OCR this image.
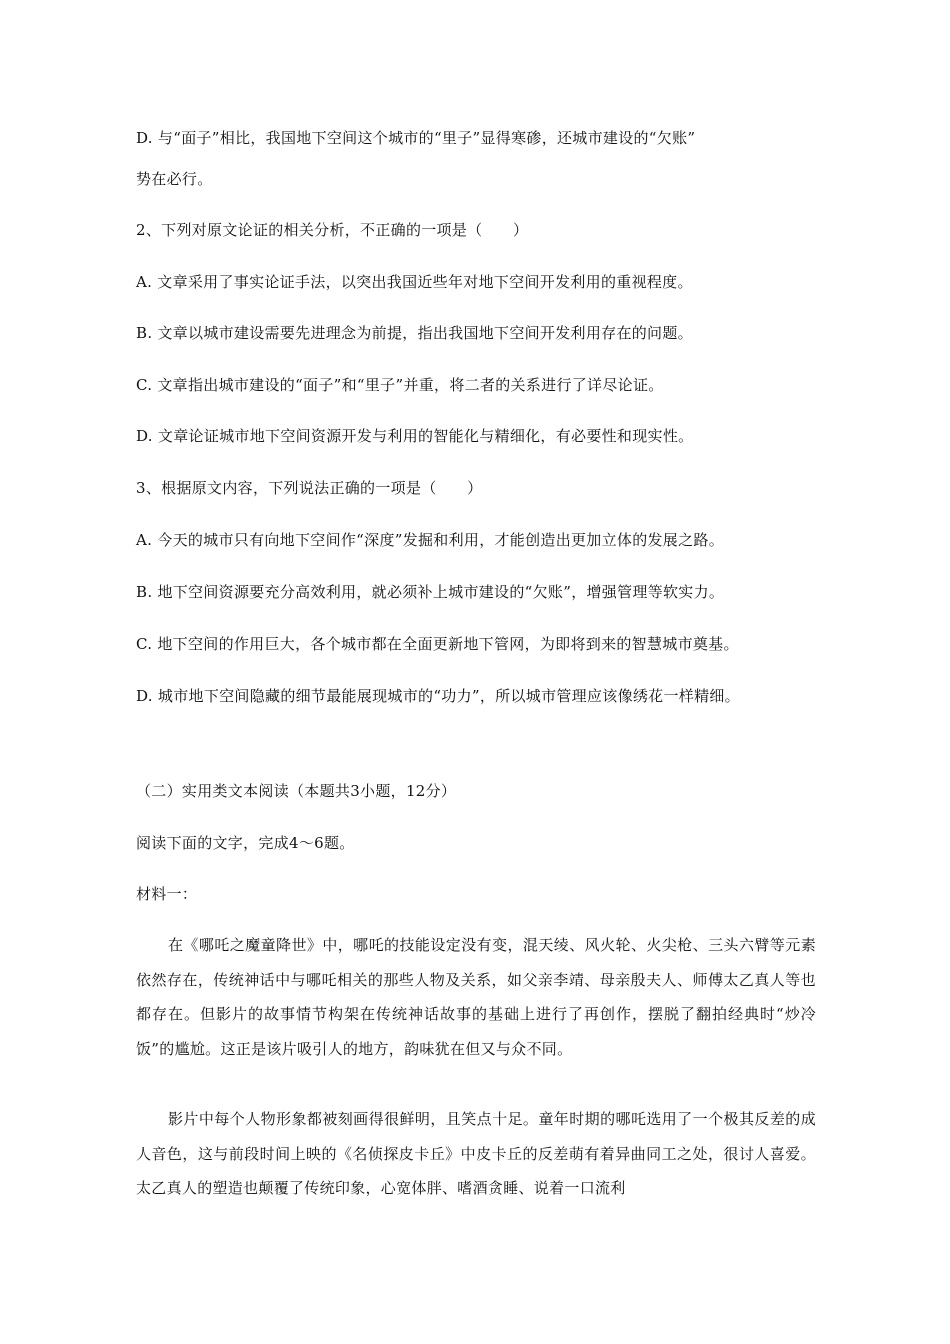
D. 与“面子”相比，我国地下空间这个城市的“里子”显得寒碜，还城市建设的“欠账”
势在必行。
2、下列对原文论证的相关分析，不正确的一项是（　　）
A. 文章采用了事实论证手法，以突出我国近些年对地下空间开发利用的重视程度。
B. 文章以城市建设需要先进理念为前提，指出我国地下空间开发利用存在的问题。
C. 文章指出城市建设的“面子”和“里子”并重，将二者的关系进行了详尽论证。
D. 文章论证城市地下空间资源开发与利用的智能化与精细化，有必要性和现实性。
3、根据原文内容，下列说法正确的一项是（　　）
A. 今天的城市只有向地下空间作“深度”发掘和利用，才能创造出更加立体的发展之路。
B. 地下空间资源要充分高效利用，就必须补上城市建设的“欠账”，增强管理等软实力。
C. 地下空间的作用巨大，各个城市都在全面更新地下管网，为即将到来的智慧城市奠基。
D. 城市地下空间隐藏的细节最能展现城市的“功力”，所以城市管理应该像绣花一样精细。
（二）实用类文本阅读（本题共3小题，12分）
阅读下面的文字，完成4～6题。
材料一：
在《哪吒之魔童降世》中，哪吒的技能设定没有变，混天绫、风火轮、火尖枪、三头六臂等元素依然存在，传统神话中与哪吒相关的那些人物及关系，如父亲李靖、母亲殷夫人、师傅太乙真人等也都存在。但影片的故事情节构架在传统神话故事的基础上进行了再创作，摆脱了翻拍经典时“炒冷饭”的尴尬。这正是该片吸引人的地方，韵味犹在但又与众不同。
影片中每个人物形象都被刻画得很鲜明，且笑点十足。童年时期的哪吒选用了一个极其反差的成人音色，这与前段时间上映的《名侦探皮卡丘》中皮卡丘的反差萌有着异曲同工之处，很讨人喜爱。太乙真人的塑造也颠覆了传统印象，心宽体胖、嗜酒贪睡、说着一口流利
